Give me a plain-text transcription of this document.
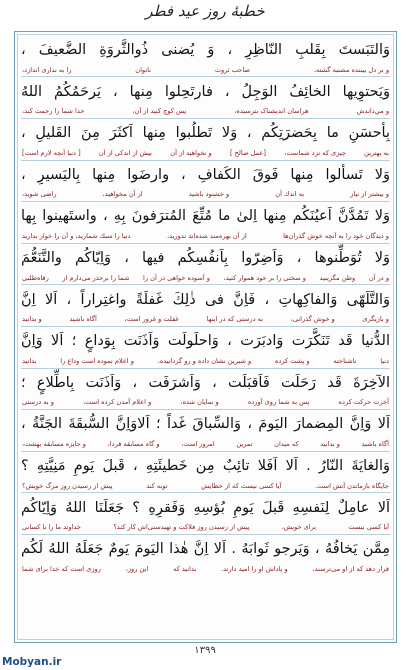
خطبهٔ روز عید فطر
وَالتَبَستَ بِقَلبِ النّاظِرِ ، وَ يُضنى ذُوالثَّروَةِ الضَّعيفَ ،
و بر دل بيننده مشتبه گشته،
صاحب ثروت
ناتوان
را به نداری اندازد،
وَيَحتوِيها الخائِفُ الوَجِلُ ، فارتَحِلوا مِنها ، يَرحَمُكُمُ اللهُ
و مي‌داندش
هراسان اندیشناک بترسیده،
پس كوچ كنيد از آن،
خدا شما را رحمت كند،
بِأحسَنِ ما بِحَضرَتِكُم ، وَلا تَطلُبوا مِنها اَكثَرَ مِنَ القَليلِ ،
به بهترين
چيزی كه نزد شماست،
[عمل صالح ]
و نخواهيد از آن
بيش از اندكی از آن
[ دنيا آنچه لازم است]
وَلا تَسألوا مِنها فَوقَ الكَفافِ ، وارضَوا مِنها بِاليَسيرِ ،
و بيشتر از نياز
به اندك آن
و خشنود باشيد
از آن مخواهيد،
راضی شويد،
وَلا تَمُدَّنَّ اَعيُنَكُم مِنها اِلىٰ ما مُتِّعَ المُترَفونَ بِهِ ، واستَهينوا بِها
و ديدگان خود را به آنچه خوش گذران‌ها
از آن بهره‌مند شده‌اند ندوزيد،
دنيا را سبك شماريد، و آن را خوار بداريد
وَلا تُوَطِّنوها ، وَاَضِرّوا بِاَنفُسِكُم فيها ، وَاِيّاكُم والتَّنَعُّمَ
و در آن
وطن مگزينيد
و سختی را بر خود هموار كنيد،
و آسوده خواهی در آن را
شما را برحذر می‌دارم از
رفاه‌طلبی
وَالتَّلَهّى وَالفاكِهاتِ ، فَاِنَّ فى ذٰلِكَ غَفلَةً واغتِراراً ، اَلا اِنَّ
و بازیگری
و خوش گذرانی،
به درستی كه در اينها
غفلت و غرور است،
آگاه باشيد
و بدانيد
الدُّنيا قَد تَنَكَّرَت وَادبَرَت ، وَاحلَولَت وَاَذَنَت بِوَداعٍ ؛ اَلا وَاِنَّ
دنيا
ناشناخته
و پشت کرده
و شيرين نشان داده و رو گردانيده،
و اعلام نموده است وداع را
بدانيد
الآخِرَةَ قَد رَحَلَت فَاَقبَلَت ، وَاَشرَفَت ، وَاَذَنَت بِاطِّلاعٍ ؛
آخرت حركت كرده
پس به شما روی آورده
و نمايان شده،
و اعلام آمدن كرده است،
و به درستی
اَلا وَاِنَّ المِضمارَ اليَومَ ، وَالسِّباقَ غَداً ؛ اَلاوَاِنَّ السُّبقَةَ الجَنَّةُ ،
آگاه باشيد
و بدانيد
كه ميدان
تمرين
امروز است،
و گاه مسابقه فردا،
و جايزه مسابقه بهشت،
وَالغايَةَ النّارُ . اَلا اَفَلا تائِبٌ مِن خَطيئَتِهِ ، قَبلَ يَومِ مَنِيَّتِهِ ؟
جايگاه بازماندن آتش است.
آيا كسی نيست كه از خطايش
توبه كند
پيش از رسيدن روز مرگ خويش؟
اَلا عامِلٌ لِنَفسِهِ قَبلَ يَومِ بُؤسِهِ وَفَقرِهِ ؟ جَعَلَنَا اللهُ وَاِيّاكُم
آيا كسی نيست
برای خويش،
پيش از رسيدن روز فلاكت و تهيدستی‌اش كار كند؟
خداوند ما را با كسانی
مِمَّن يَخافُهُ ، وَيَرجو ثَوابَهُ . اَلا اِنَّ هٰذا اليَومَ يَومٌ جَعَلَهُ اللهُ لَكُم
قرار دهد كه از او می‌ترسند،
و پاداش او را اميد دارند.
بدانيد كه
اين روز،
روزی است كه خدا برای شما
۱۳۹۹
Mobyan.ir
